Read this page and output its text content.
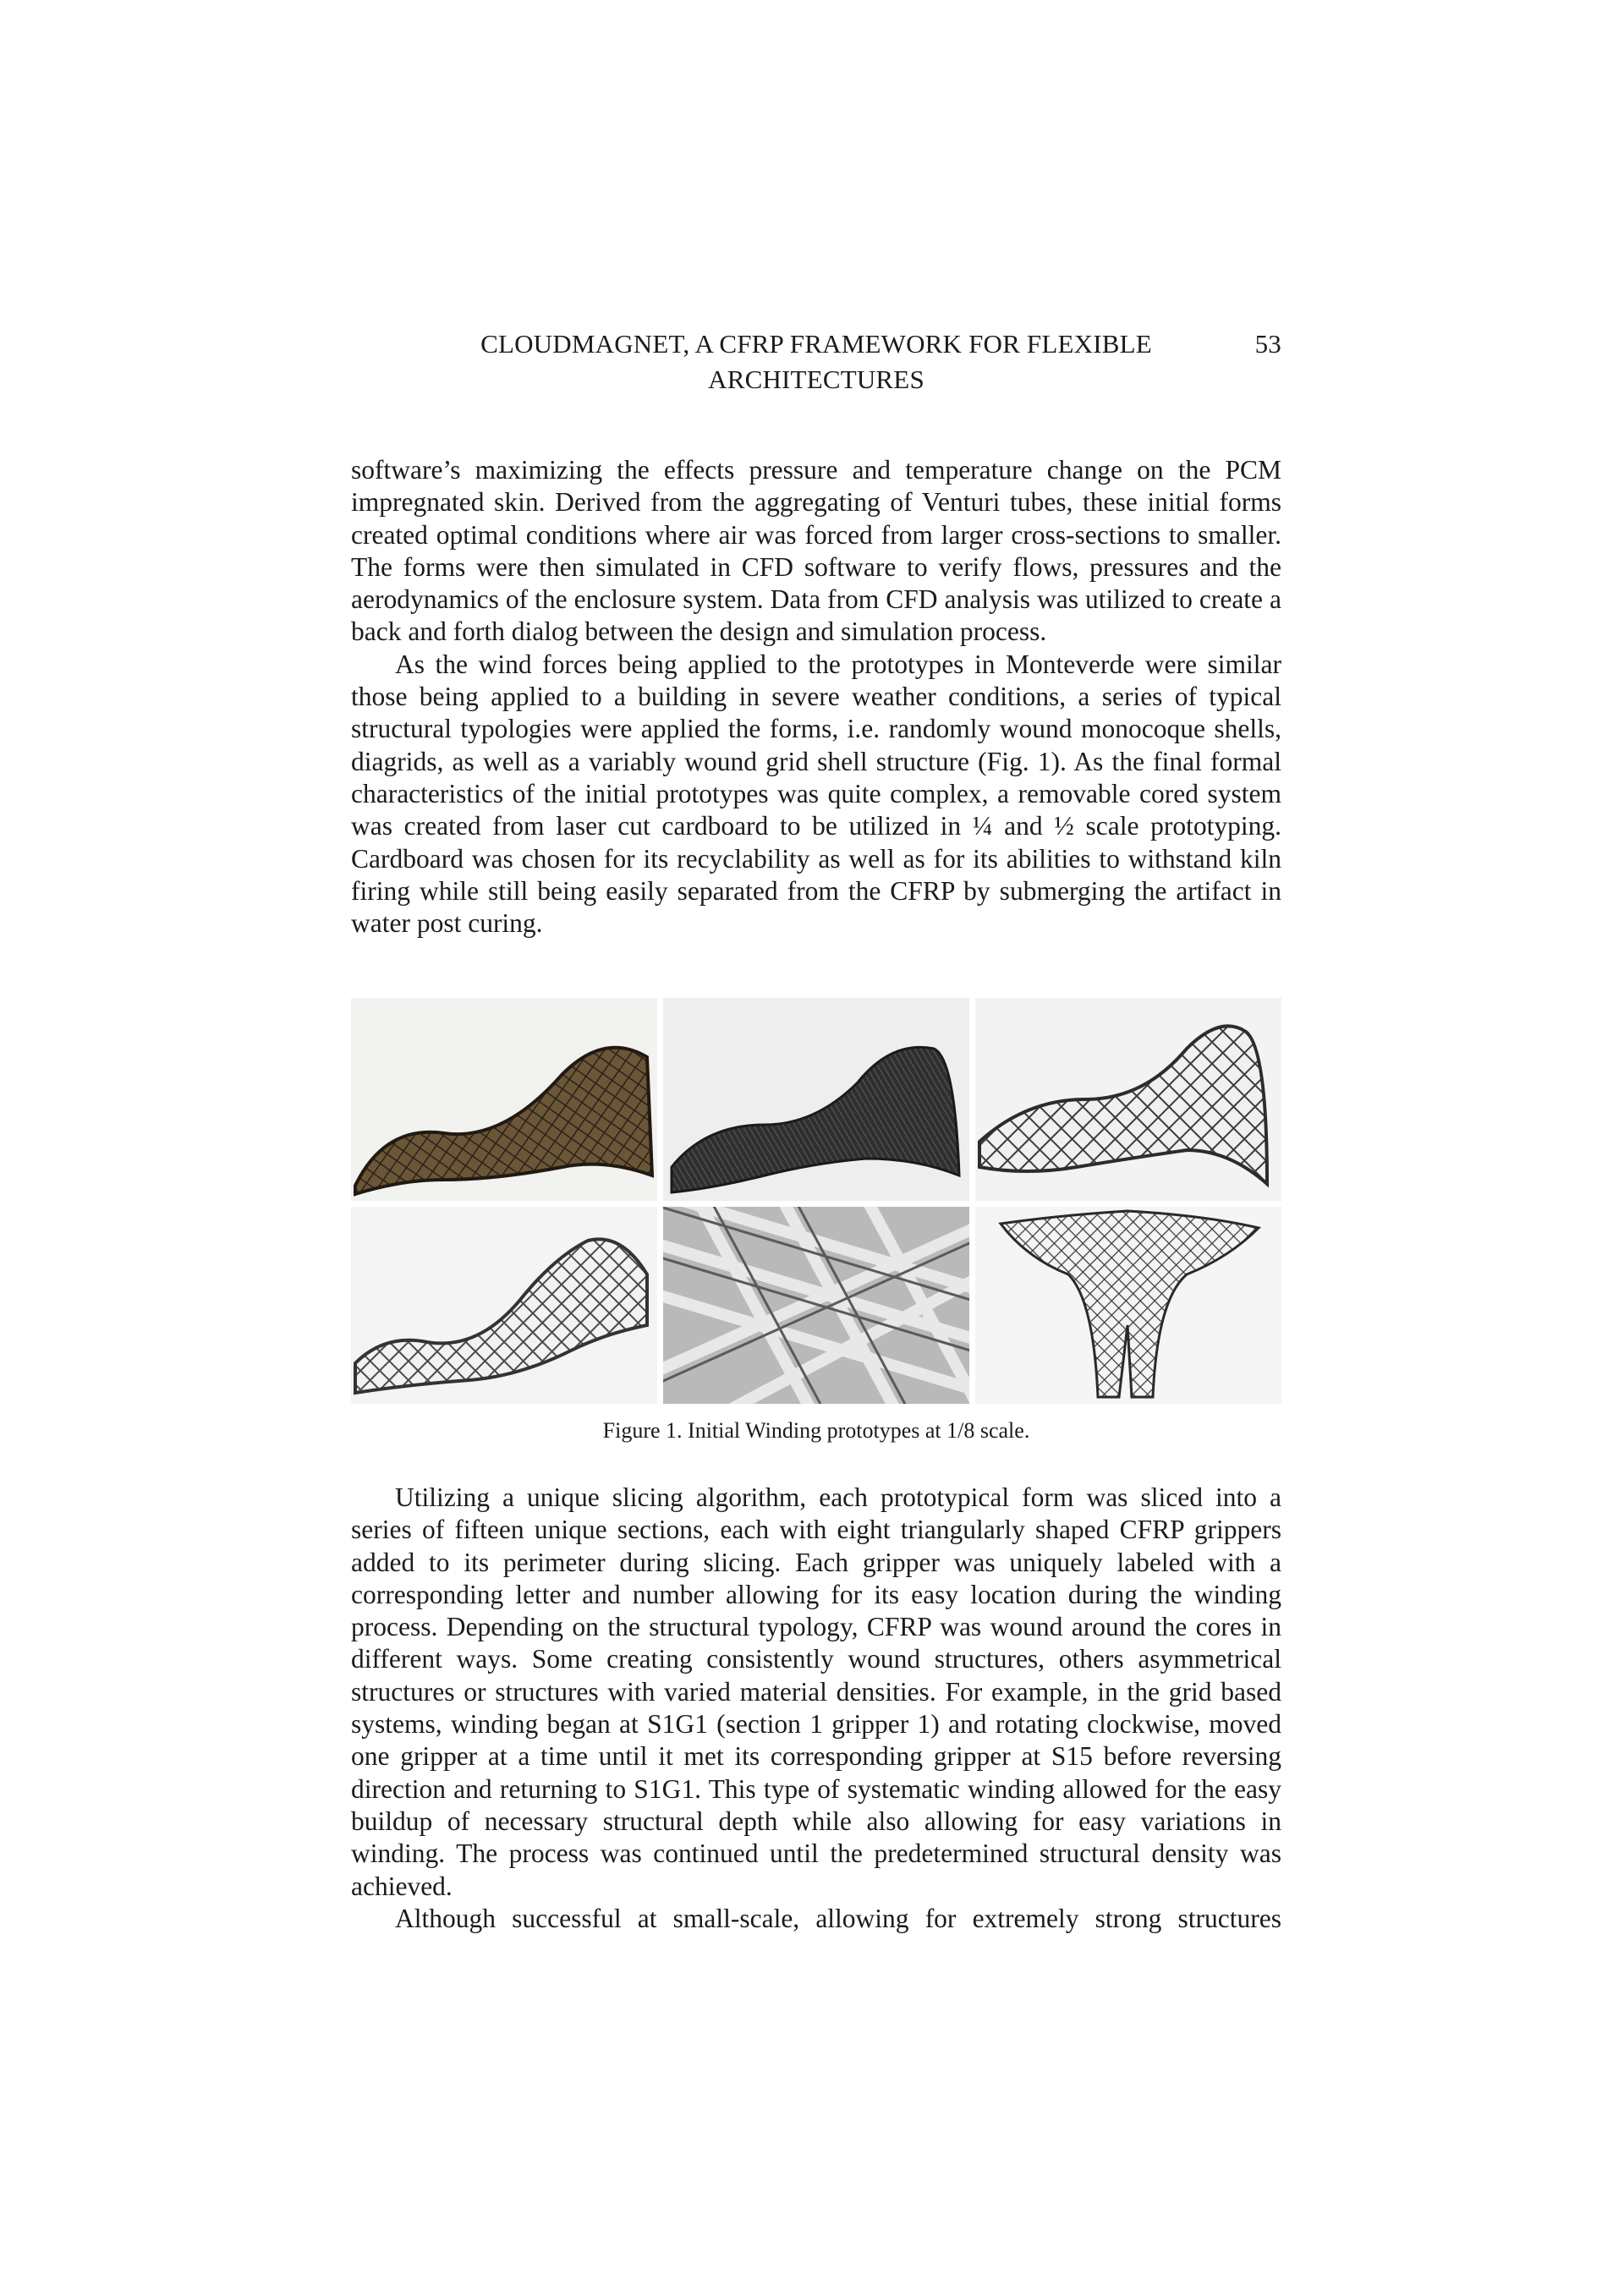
CLOUDMAGNET, A CFRP FRAMEWORK FOR FLEXIBLE
ARCHITECTURES
53

software’s maximizing the effects pressure and temperature change on the PCM impregnated skin. Derived from the aggregating of Venturi tubes, these initial forms created optimal conditions where air was forced from larger cross-sections to smaller. The forms were then simulated in CFD software to verify flows, pressures and the aerodynamics of the enclosure system. Data from CFD analysis was utilized to create a back and forth dialog between the design and simulation process.

As the wind forces being applied to the prototypes in Monteverde were similar those being applied to a building in severe weather conditions, a series of typical structural typologies were applied the forms, i.e. randomly wound monocoque shells, diagrids, as well as a variably wound grid shell structure (Fig. 1). As the final formal characteristics of the initial prototypes was quite complex, a removable cored system was created from laser cut cardboard to be utilized in ¼ and ½ scale prototyping. Cardboard was chosen for its recyclability as well as for its abilities to withstand kiln firing while still being easily separated from the CFRP by submerging the artifact in water post curing.

Figure 1. Initial Winding prototypes at 1/8 scale.

Utilizing a unique slicing algorithm, each prototypical form was sliced into a series of fifteen unique sections, each with eight triangularly shaped CFRP grippers added to its perimeter during slicing. Each gripper was uniquely labeled with a corresponding letter and number allowing for its easy location during the winding process. Depending on the structural typology, CFRP was wound around the cores in different ways. Some creating consistently wound structures, others asymmetrical structures or structures with varied material densities. For example, in the grid based systems, winding began at S1G1 (section 1 gripper 1) and rotating clockwise, moved one gripper at a time until it met its corresponding gripper at S15 before reversing direction and returning to S1G1. This type of systematic winding allowed for the easy buildup of necessary structural depth while also allowing for easy variations in winding. The process was continued until the predetermined structural density was achieved.

Although successful at small-scale, allowing for extremely strong structures
